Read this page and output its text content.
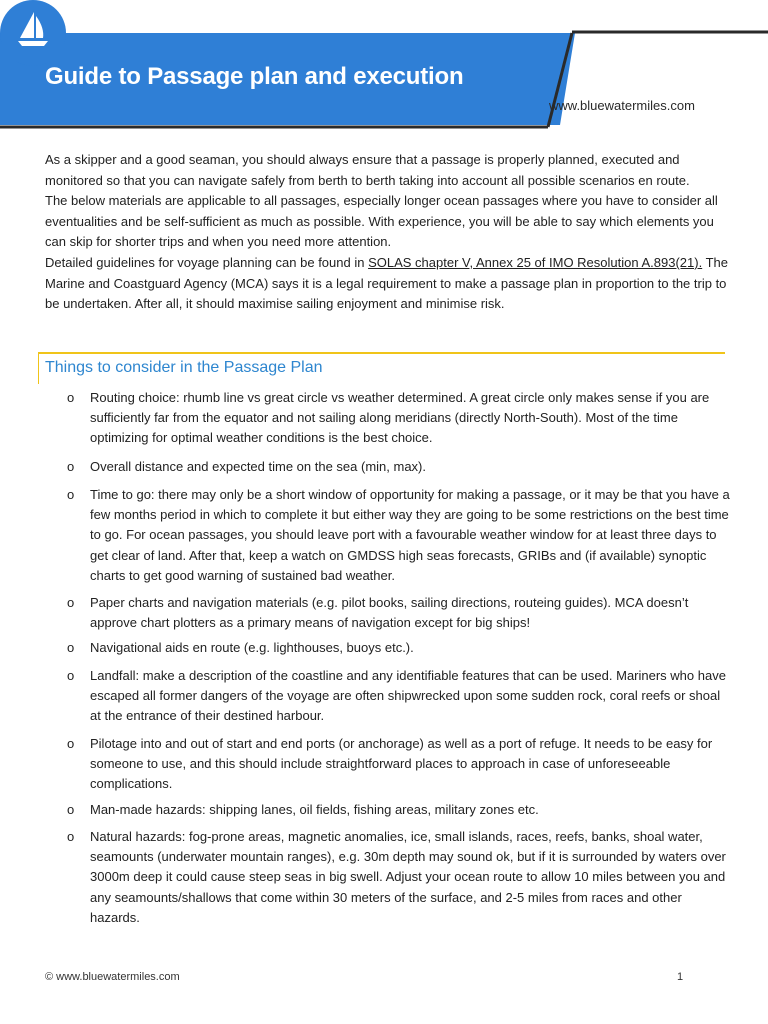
Bluewater Miles
Guide to Passage plan and execution

www.bluewatermiles.com

As a skipper and a good seaman, you should always ensure that a passage is properly planned, executed and monitored so that you can navigate safely from berth to berth taking into account all possible scenarios en route.

The below materials are applicable to all passages, especially longer ocean passages where you have to consider all eventualities and be self-sufficient as much as possible. With experience, you will be able to say which elements you can skip for shorter trips and when you need more attention.

Detailed guidelines for voyage planning can be found in SOLAS chapter V, Annex 25 of IMO Resolution A.893(21). The Marine and Coastguard Agency (MCA) says it is a legal requirement to make a passage plan in proportion to the trip to be undertaken. After all, it should maximise sailing enjoyment and minimise risk.

Things to consider in the Passage Plan
o Routing choice: rhumb line vs great circle vs weather determined. A great circle only makes sense if you are sufficiently far from the equator and not sailing along meridians (directly North-South). Most of the time optimizing for optimal weather conditions is the best choice.

o Overall distance and expected time on the sea (min, max).

o Time to go: there may only be a short window of opportunity for making a passage, or it may be that you have a few months period in which to complete it but either way they are going to be some restrictions on the best time to go. For ocean passages, you should leave port with a favourable weather window for at least three days to get clear of land. After that, keep a watch on GMDSS high seas forecasts, GRIBs and (if available) synoptic charts to get good warning of sustained bad weather.

o Paper charts and navigation materials (e.g. pilot books, sailing directions, routeing guides). MCA doesn’t approve chart plotters as a primary means of navigation except for big ships!

o Navigational aids en route (e.g. lighthouses, buoys etc.).

o Landfall: make a description of the coastline and any identifiable features that can be used. Mariners who have escaped all former dangers of the voyage are often shipwrecked upon some sudden rock, coral reefs or shoal at the entrance of their destined harbour.

o Pilotage into and out of start and end ports (or anchorage) as well as a port of refuge. It needs to be easy for someone to use, and this should include straightforward places to approach in case of unforeseeable complications.

o Man-made hazards: shipping lanes, oil fields, fishing areas, military zones etc.

o Natural hazards: fog-prone areas, magnetic anomalies, ice, small islands, races, reefs, banks, shoal water, seamounts (underwater mountain ranges), e.g. 30m depth may sound ok, but if it is surrounded by waters over 3000m deep it could cause steep seas in big swell. Adjust your ocean route to allow 10 miles between you and any seamounts/shallows that come within 30 meters of the surface, and 2-5 miles from races and other hazards.

© www.bluewatermiles.com	1
